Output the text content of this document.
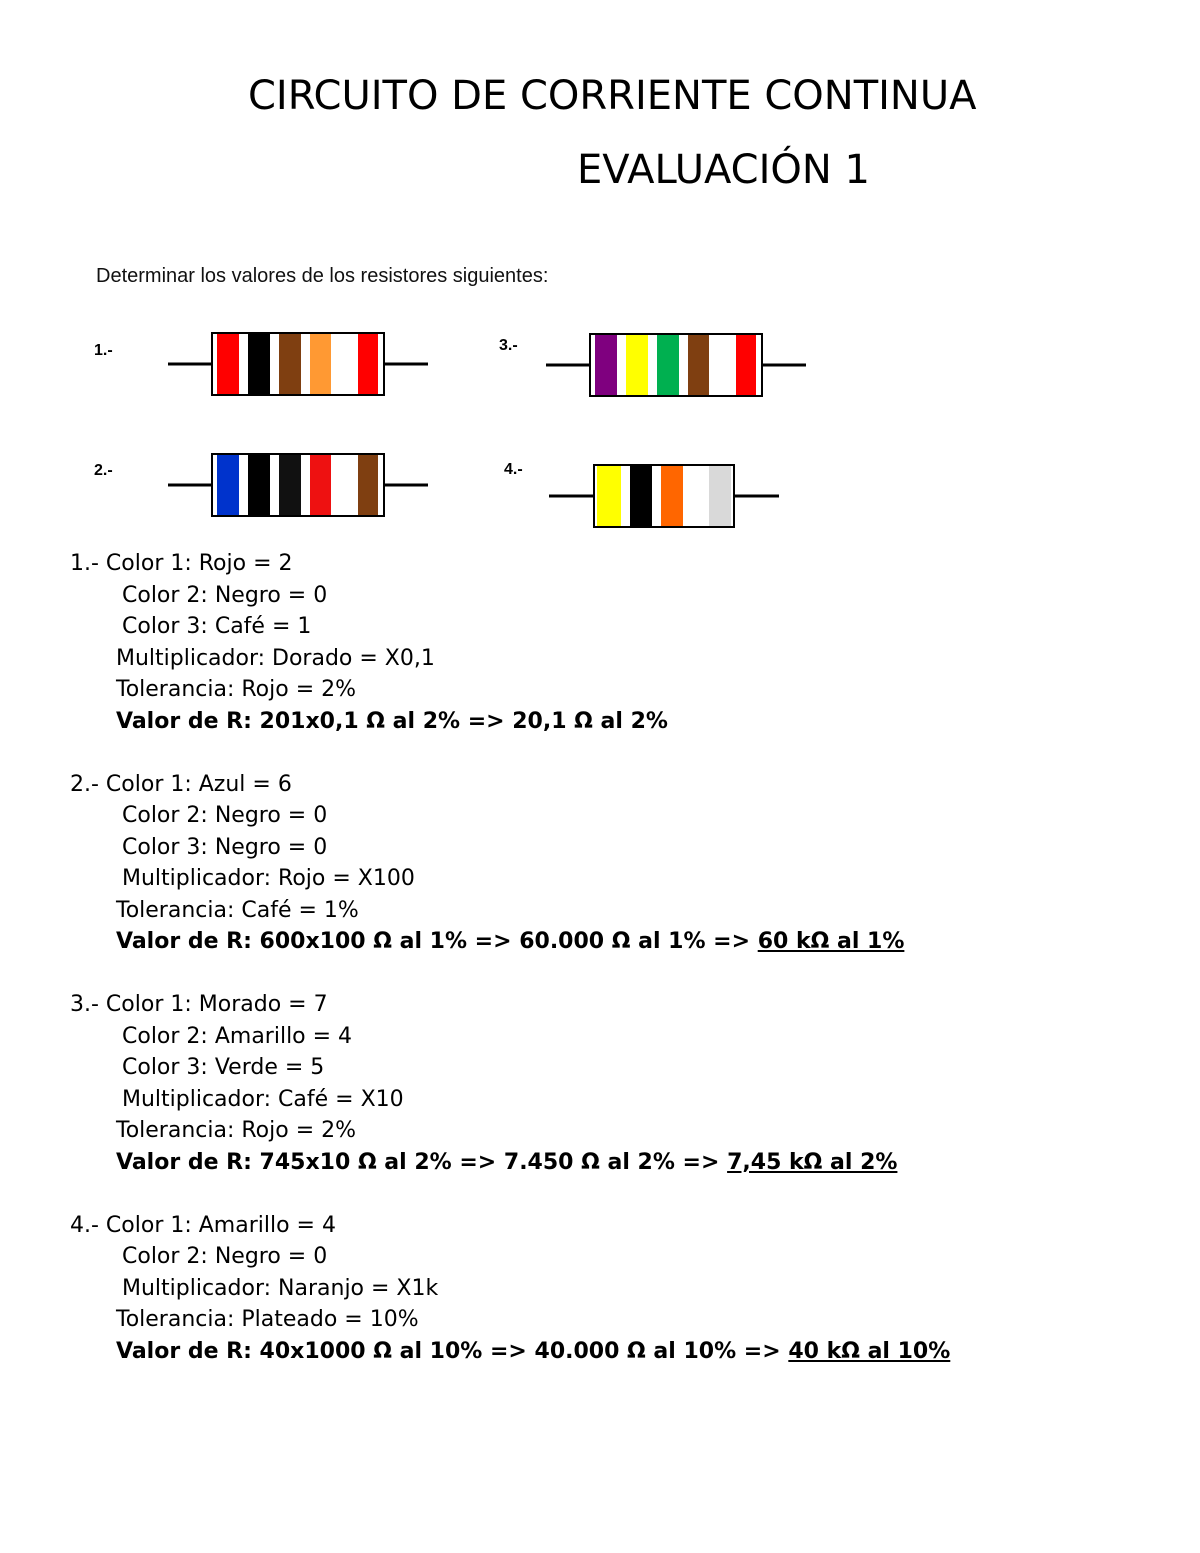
CIRCUITO DE CORRIENTE CONTINUA
EVALUACIÓN 1
Determinar los valores de los resistores siguientes:
1.-
2.-
3.-
4.-
1.- Color 1: Rojo = 2
Color 2: Negro = 0
Color 3: Café = 1
Multiplicador: Dorado = X0,1
Tolerancia: Rojo = 2%
Valor de R: 201x0,1 Ω al 2% => 20,1 Ω al 2%
2.- Color 1: Azul = 6
Color 2: Negro = 0
Color 3: Negro = 0
Multiplicador: Rojo = X100
Tolerancia: Café = 1%
Valor de R: 600x100 Ω al 1% => 60.000 Ω al 1% => 60 kΩ al 1%
3.- Color 1: Morado = 7
Color 2: Amarillo = 4
Color 3: Verde = 5
Multiplicador: Café = X10
Tolerancia: Rojo = 2%
Valor de R: 745x10 Ω al 2% => 7.450 Ω al 2% => 7,45 kΩ al 2%
4.- Color 1: Amarillo = 4
Color 2: Negro = 0
Multiplicador: Naranjo = X1k
Tolerancia: Plateado = 10%
Valor de R: 40x1000 Ω al 10% => 40.000 Ω al 10% => 40 kΩ al 10%
